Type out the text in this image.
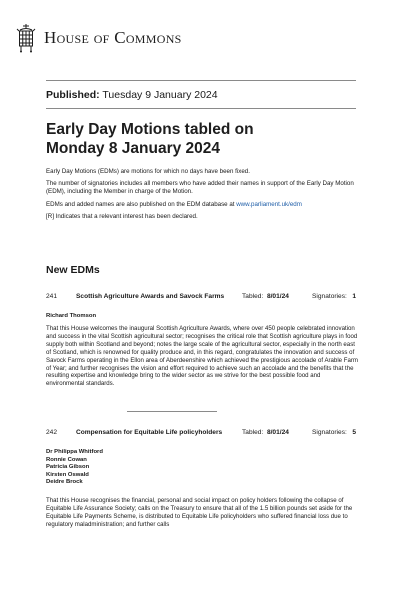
HOUSE OF COMMONS
Published: Tuesday 9 January 2024
Early Day Motions tabled on
Monday 8 January 2024

Early Day Motions (EDMs) are motions for which no days have been fixed.

The number of signatories includes all members who have added their names in support of the Early Day Motion (EDM), including the Member in charge of the Motion.

EDMs and added names are also published on the EDM database at www.parliament.uk/edm

[R] Indicates that a relevant interest has been declared.

New EDMs
241	Scottish Agriculture Awards and Savock Farms	Tabled: 8/01/24	Signatories: 1
Richard Thomson

That this House welcomes the inaugural Scottish Agriculture Awards, where over 450 people celebrated innovation and success in the vital Scottish agricultural sector; recognises the critical role that Scottish agriculture plays in food supply both within Scotland and beyond; notes the large scale of the agricultural sector, especially in the north east of Scotland, which is renowned for quality produce and, in this regard, congratulates the innovation and success of Savock Farms operating in the Ellon area of Aberdeenshire which achieved the prestigious accolade of Arable Farm of Year; and further recognises the vision and effort required to achieve such an accolade and the benefits that the resulting expertise and knowledge bring to the wider sector as we strive for the best possible food and environmental standards.

242	Compensation for Equitable Life policyholders	Tabled: 8/01/24	Signatories: 5
Dr Philippa Whitford
Ronnie Cowan
Patricia Gibson
Kirsten Oswald
Deidre Brock

That this House recognises the financial, personal and social impact on policy holders following the collapse of Equitable Life Assurance Society; calls on the Treasury to ensure that all of the 1.5 billion pounds set aside for the Equitable Life Payments Scheme, is distributed to Equitable Life policyholders who suffered financial loss due to regulatory maladministration; and further calls
